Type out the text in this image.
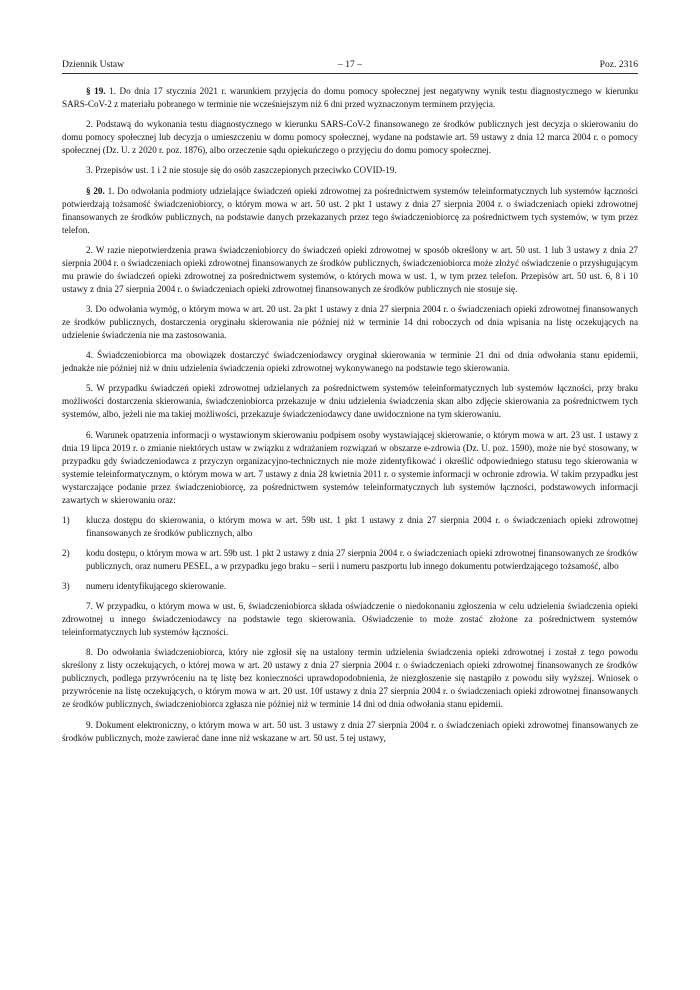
Dziennik Ustaw	– 17 –	Poz. 2316

§ 19. 1. Do dnia 17 stycznia 2021 r. warunkiem przyjęcia do domu pomocy społecznej jest negatywny wynik testu diagnostycznego w kierunku SARS-CoV-2 z materiału pobranego w terminie nie wcześniejszym niż 6 dni przed wyznaczonym terminem przyjęcia.

2. Podstawą do wykonania testu diagnostycznego w kierunku SARS-CoV-2 finansowanego ze środków publicznych jest decyzja o skierowaniu do domu pomocy społecznej lub decyzja o umieszczeniu w domu pomocy społecznej, wydane na podstawie art. 59 ustawy z dnia 12 marca 2004 r. o pomocy społecznej (Dz. U. z 2020 r. poz. 1876), albo orzeczenie sądu opiekuńczego o przyjęciu do domu pomocy społecznej.

3. Przepisów ust. 1 i 2 nie stosuje się do osób zaszczepionych przeciwko COVID-19.

§ 20. 1. Do odwołania podmioty udzielające świadczeń opieki zdrowotnej za pośrednictwem systemów teleinformatycznych lub systemów łączności potwierdzają tożsamość świadczeniobiorcy, o którym mowa w art. 50 ust. 2 pkt 1 ustawy z dnia 27 sierpnia 2004 r. o świadczeniach opieki zdrowotnej finansowanych ze środków publicznych, na podstawie danych przekazanych przez tego świadczeniobiorcę za pośrednictwem tych systemów, w tym przez telefon.

2. W razie niepotwierdzenia prawa świadczeniobiorcy do świadczeń opieki zdrowotnej w sposób określony w art. 50 ust. 1 lub 3 ustawy z dnia 27 sierpnia 2004 r. o świadczeniach opieki zdrowotnej finansowanych ze środków publicznych, świadczeniobiorca może złożyć oświadczenie o przysługującym mu prawie do świadczeń opieki zdrowotnej za pośrednictwem systemów, o których mowa w ust. 1, w tym przez telefon. Przepisów art. 50 ust. 6, 8 i 10 ustawy z dnia 27 sierpnia 2004 r. o świadczeniach opieki zdrowotnej finansowanych ze środków publicznych nie stosuje się.

3. Do odwołania wymóg, o którym mowa w art. 20 ust. 2a pkt 1 ustawy z dnia 27 sierpnia 2004 r. o świadczeniach opieki zdrowotnej finansowanych ze środków publicznych, dostarczenia oryginału skierowania nie później niż w terminie 14 dni roboczych od dnia wpisania na listę oczekujących na udzielenie świadczenia nie ma zastosowania.

4. Świadczeniobiorca ma obowiązek dostarczyć świadczeniodawcy oryginał skierowania w terminie 21 dni od dnia odwołania stanu epidemii, jednakże nie później niż w dniu udzielenia świadczenia opieki zdrowotnej wykonywanego na podstawie tego skierowania.

5. W przypadku świadczeń opieki zdrowotnej udzielanych za pośrednictwem systemów teleinformatycznych lub systemów łączności, przy braku możliwości dostarczenia skierowania, świadczeniobiorca przekazuje w dniu udzielenia świadczenia skan albo zdjęcie skierowania za pośrednictwem tych systemów, albo, jeżeli nie ma takiej możliwości, przekazuje świadczeniodawcy dane uwidocznione na tym skierowaniu.

6. Warunek opatrzenia informacji o wystawionym skierowaniu podpisem osoby wystawiającej skierowanie, o którym mowa w art. 23 ust. 1 ustawy z dnia 19 lipca 2019 r. o zmianie niektórych ustaw w związku z wdrażaniem rozwiązań w obszarze e-zdrowia (Dz. U. poz. 1590), może nie być stosowany, w przypadku gdy świadczeniodawca z przyczyn organizacyjno-technicznych nie może zidentyfikować i określić odpowiedniego statusu tego skierowania w systemie teleinformatycznym, o którym mowa w art. 7 ustawy z dnia 28 kwietnia 2011 r. o systemie informacji w ochronie zdrowia. W takim przypadku jest wystarczające podanie przez świadczeniobiorcę, za pośrednictwem systemów teleinformatycznych lub systemów łączności, podstawowych informacji zawartych w skierowaniu oraz:

1)	klucza dostępu do skierowania, o którym mowa w art. 59b ust. 1 pkt 1 ustawy z dnia 27 sierpnia 2004 r. o świadczeniach opieki zdrowotnej finansowanych ze środków publicznych, albo
2)	kodu dostępu, o którym mowa w art. 59b ust. 1 pkt 2 ustawy z dnia 27 sierpnia 2004 r. o świadczeniach opieki zdrowotnej finansowanych ze środków publicznych, oraz numeru PESEL, a w przypadku jego braku – serii i numeru paszportu lub innego dokumentu potwierdzającego tożsamość, albo
3)	numeru identyfikującego skierowanie.

7. W przypadku, o którym mowa w ust. 6, świadczeniobiorca składa oświadczenie o niedokonaniu zgłoszenia w celu udzielenia świadczenia opieki zdrowotnej u innego świadczeniodawcy na podstawie tego skierowania. Oświadczenie to może zostać złożone za pośrednictwem systemów teleinformatycznych lub systemów łączności.

8. Do odwołania świadczeniobiorca, który nie zgłosił się na ustalony termin udzielenia świadczenia opieki zdrowotnej i został z tego powodu skreślony z listy oczekujących, o której mowa w art. 20 ustawy z dnia 27 sierpnia 2004 r. o świadczeniach opieki zdrowotnej finansowanych ze środków publicznych, podlega przywróceniu na tę listę bez konieczności uprawdopodobnienia, że niezgłoszenie się nastąpiło z powodu siły wyższej. Wniosek o przywrócenie na listę oczekujących, o którym mowa w art. 20 ust. 10f ustawy z dnia 27 sierpnia 2004 r. o świadczeniach opieki zdrowotnej finansowanych ze środków publicznych, świadczeniobiorca zgłasza nie później niż w terminie 14 dni od dnia odwołania stanu epidemii.

9. Dokument elektroniczny, o którym mowa w art. 50 ust. 3 ustawy z dnia 27 sierpnia 2004 r. o świadczeniach opieki zdrowotnej finansowanych ze środków publicznych, może zawierać dane inne niż wskazane w art. 50 ust. 5 tej ustawy,
